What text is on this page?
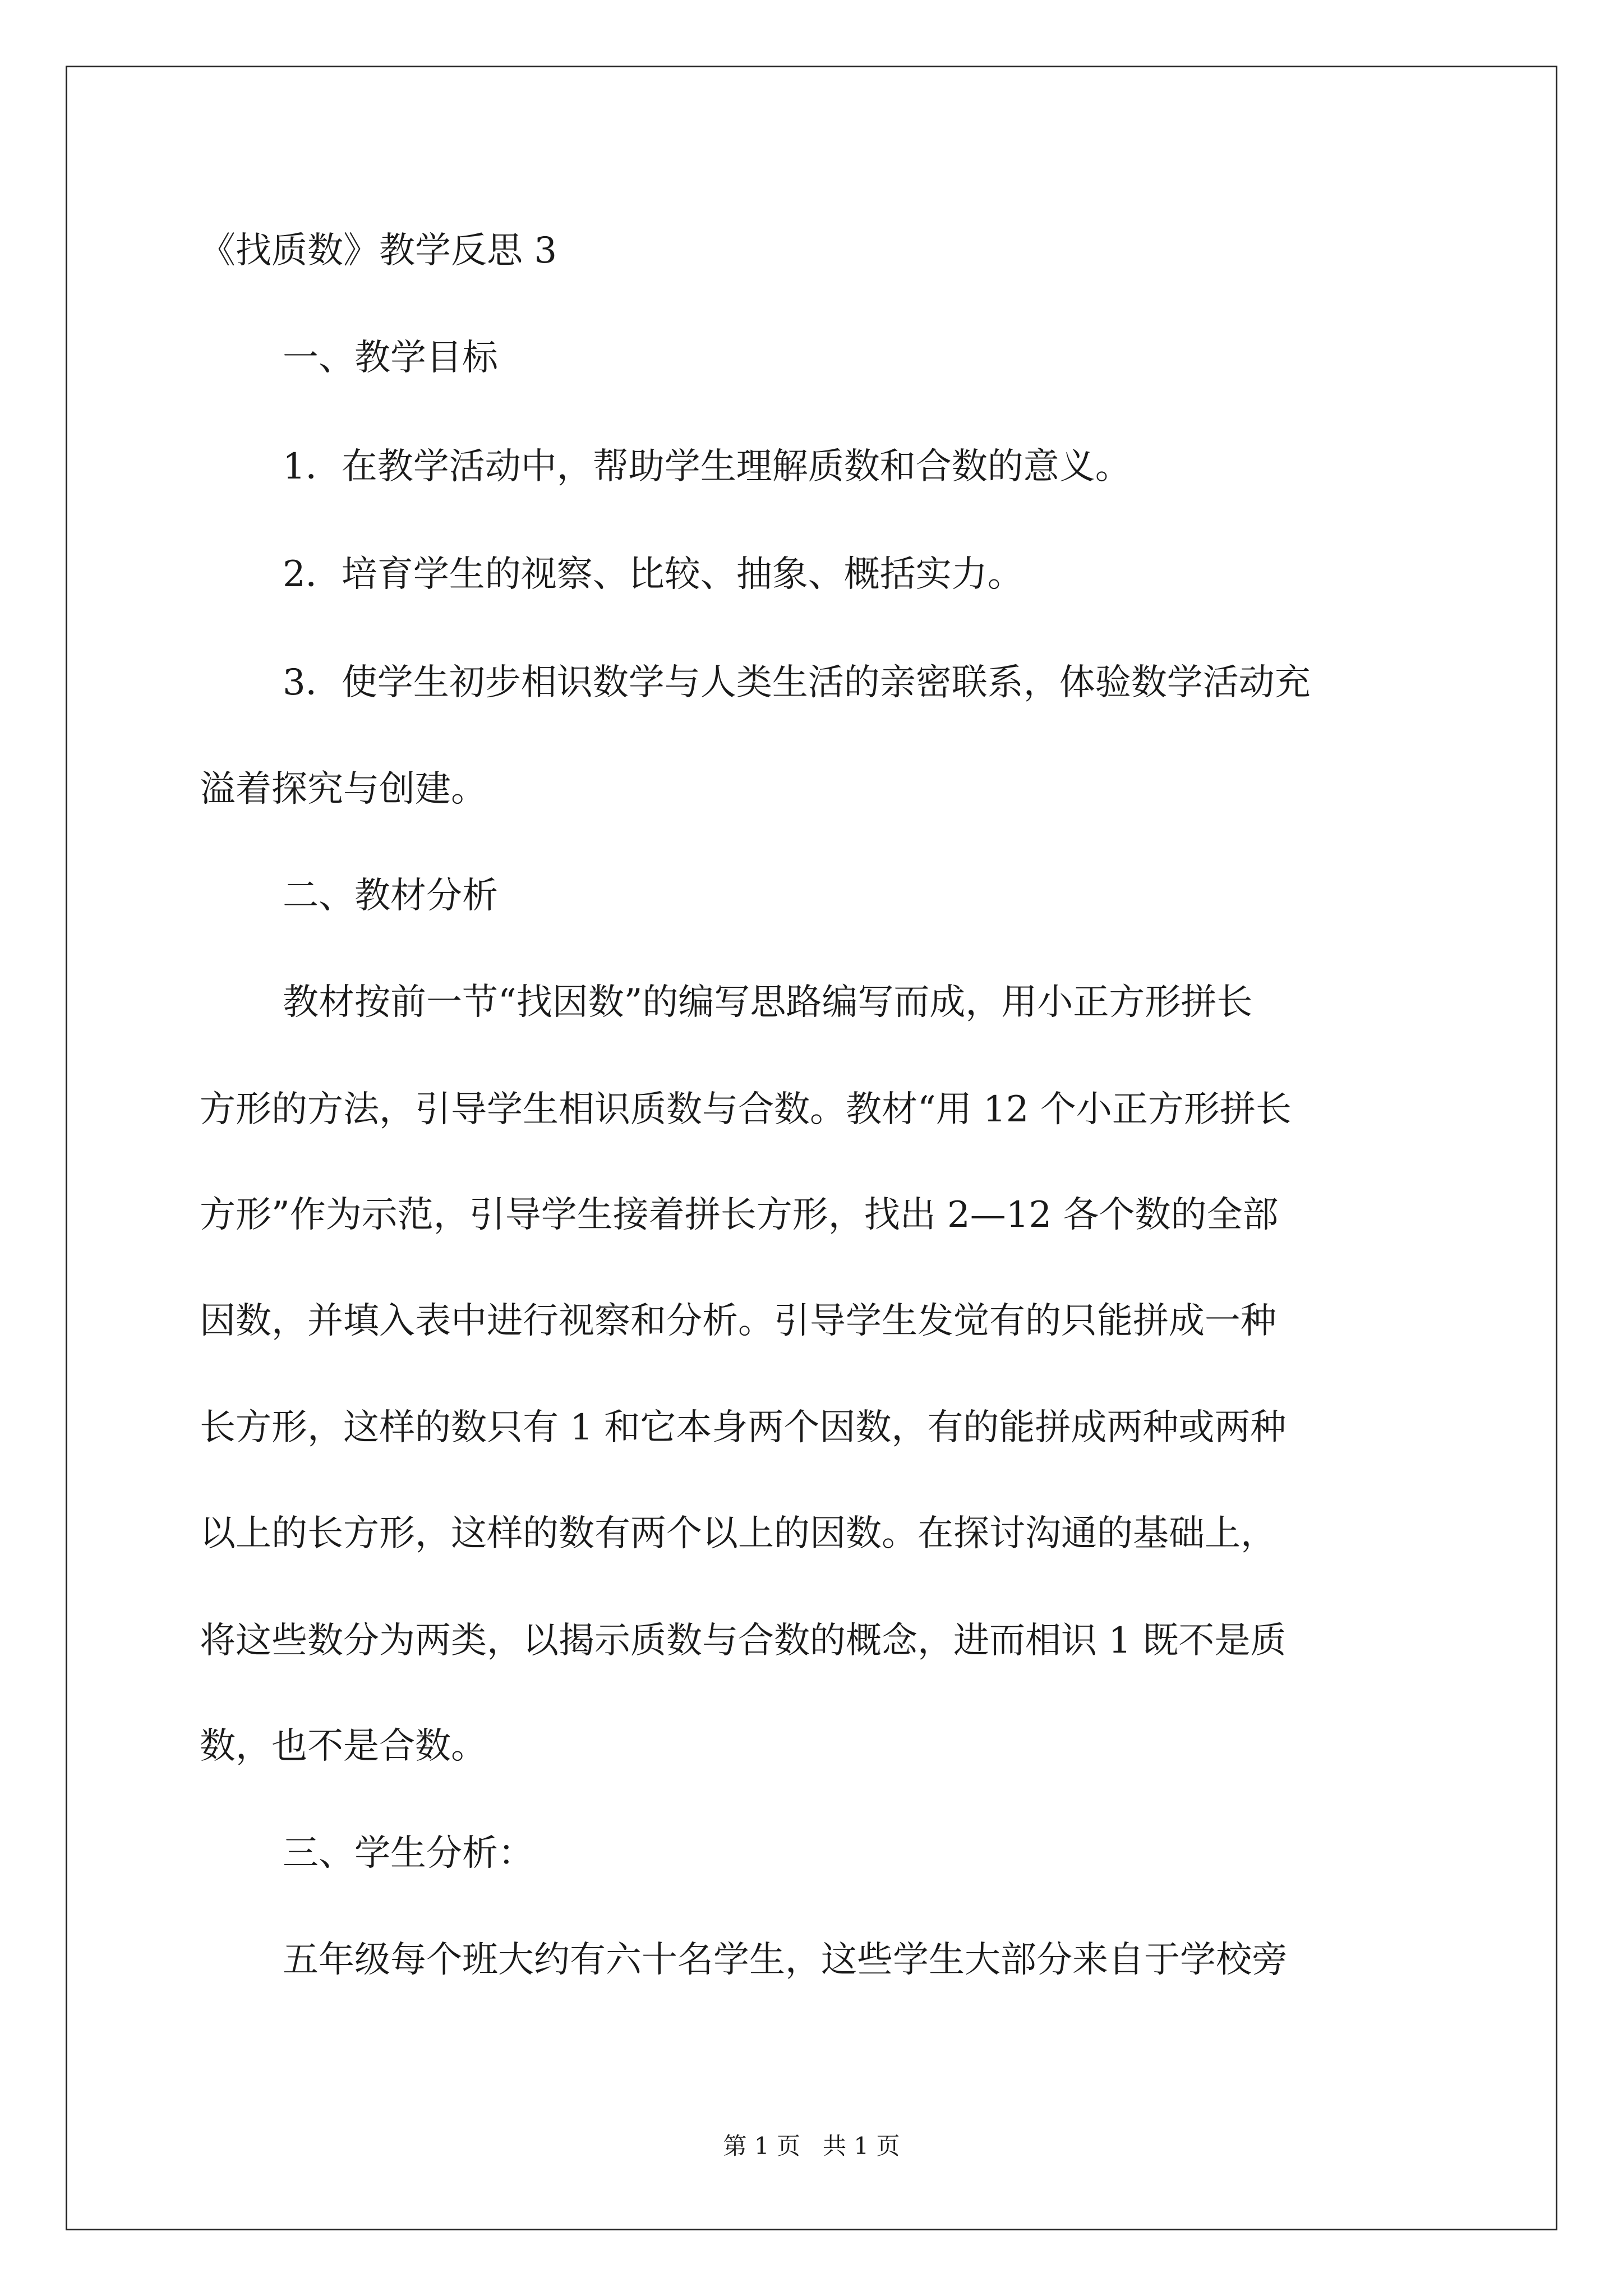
《找质数》教学反思 3
一、教学目标
1．在教学活动中，帮助学生理解质数和合数的意义。
2．培育学生的视察、比较、抽象、概括实力。
3．使学生初步相识数学与人类生活的亲密联系，体验数学活动充
溢着探究与创建。
二、教材分析
教材按前一节“找因数”的编写思路编写而成，用小正方形拼长
方形的方法，引导学生相识质数与合数。教材“用 12 个小正方形拼长
方形”作为示范，引导学生接着拼长方形，找出 2—12 各个数的全部
因数，并填入表中进行视察和分析。引导学生发觉有的只能拼成一种
长方形，这样的数只有 1 和它本身两个因数，有的能拼成两种或两种
以上的长方形，这样的数有两个以上的因数。在探讨沟通的基础上，
将这些数分为两类，以揭示质数与合数的概念，进而相识 1 既不是质
数，也不是合数。
三、学生分析：
五年级每个班大约有六十名学生，这些学生大部分来自于学校旁
第 1 页   共 1 页
